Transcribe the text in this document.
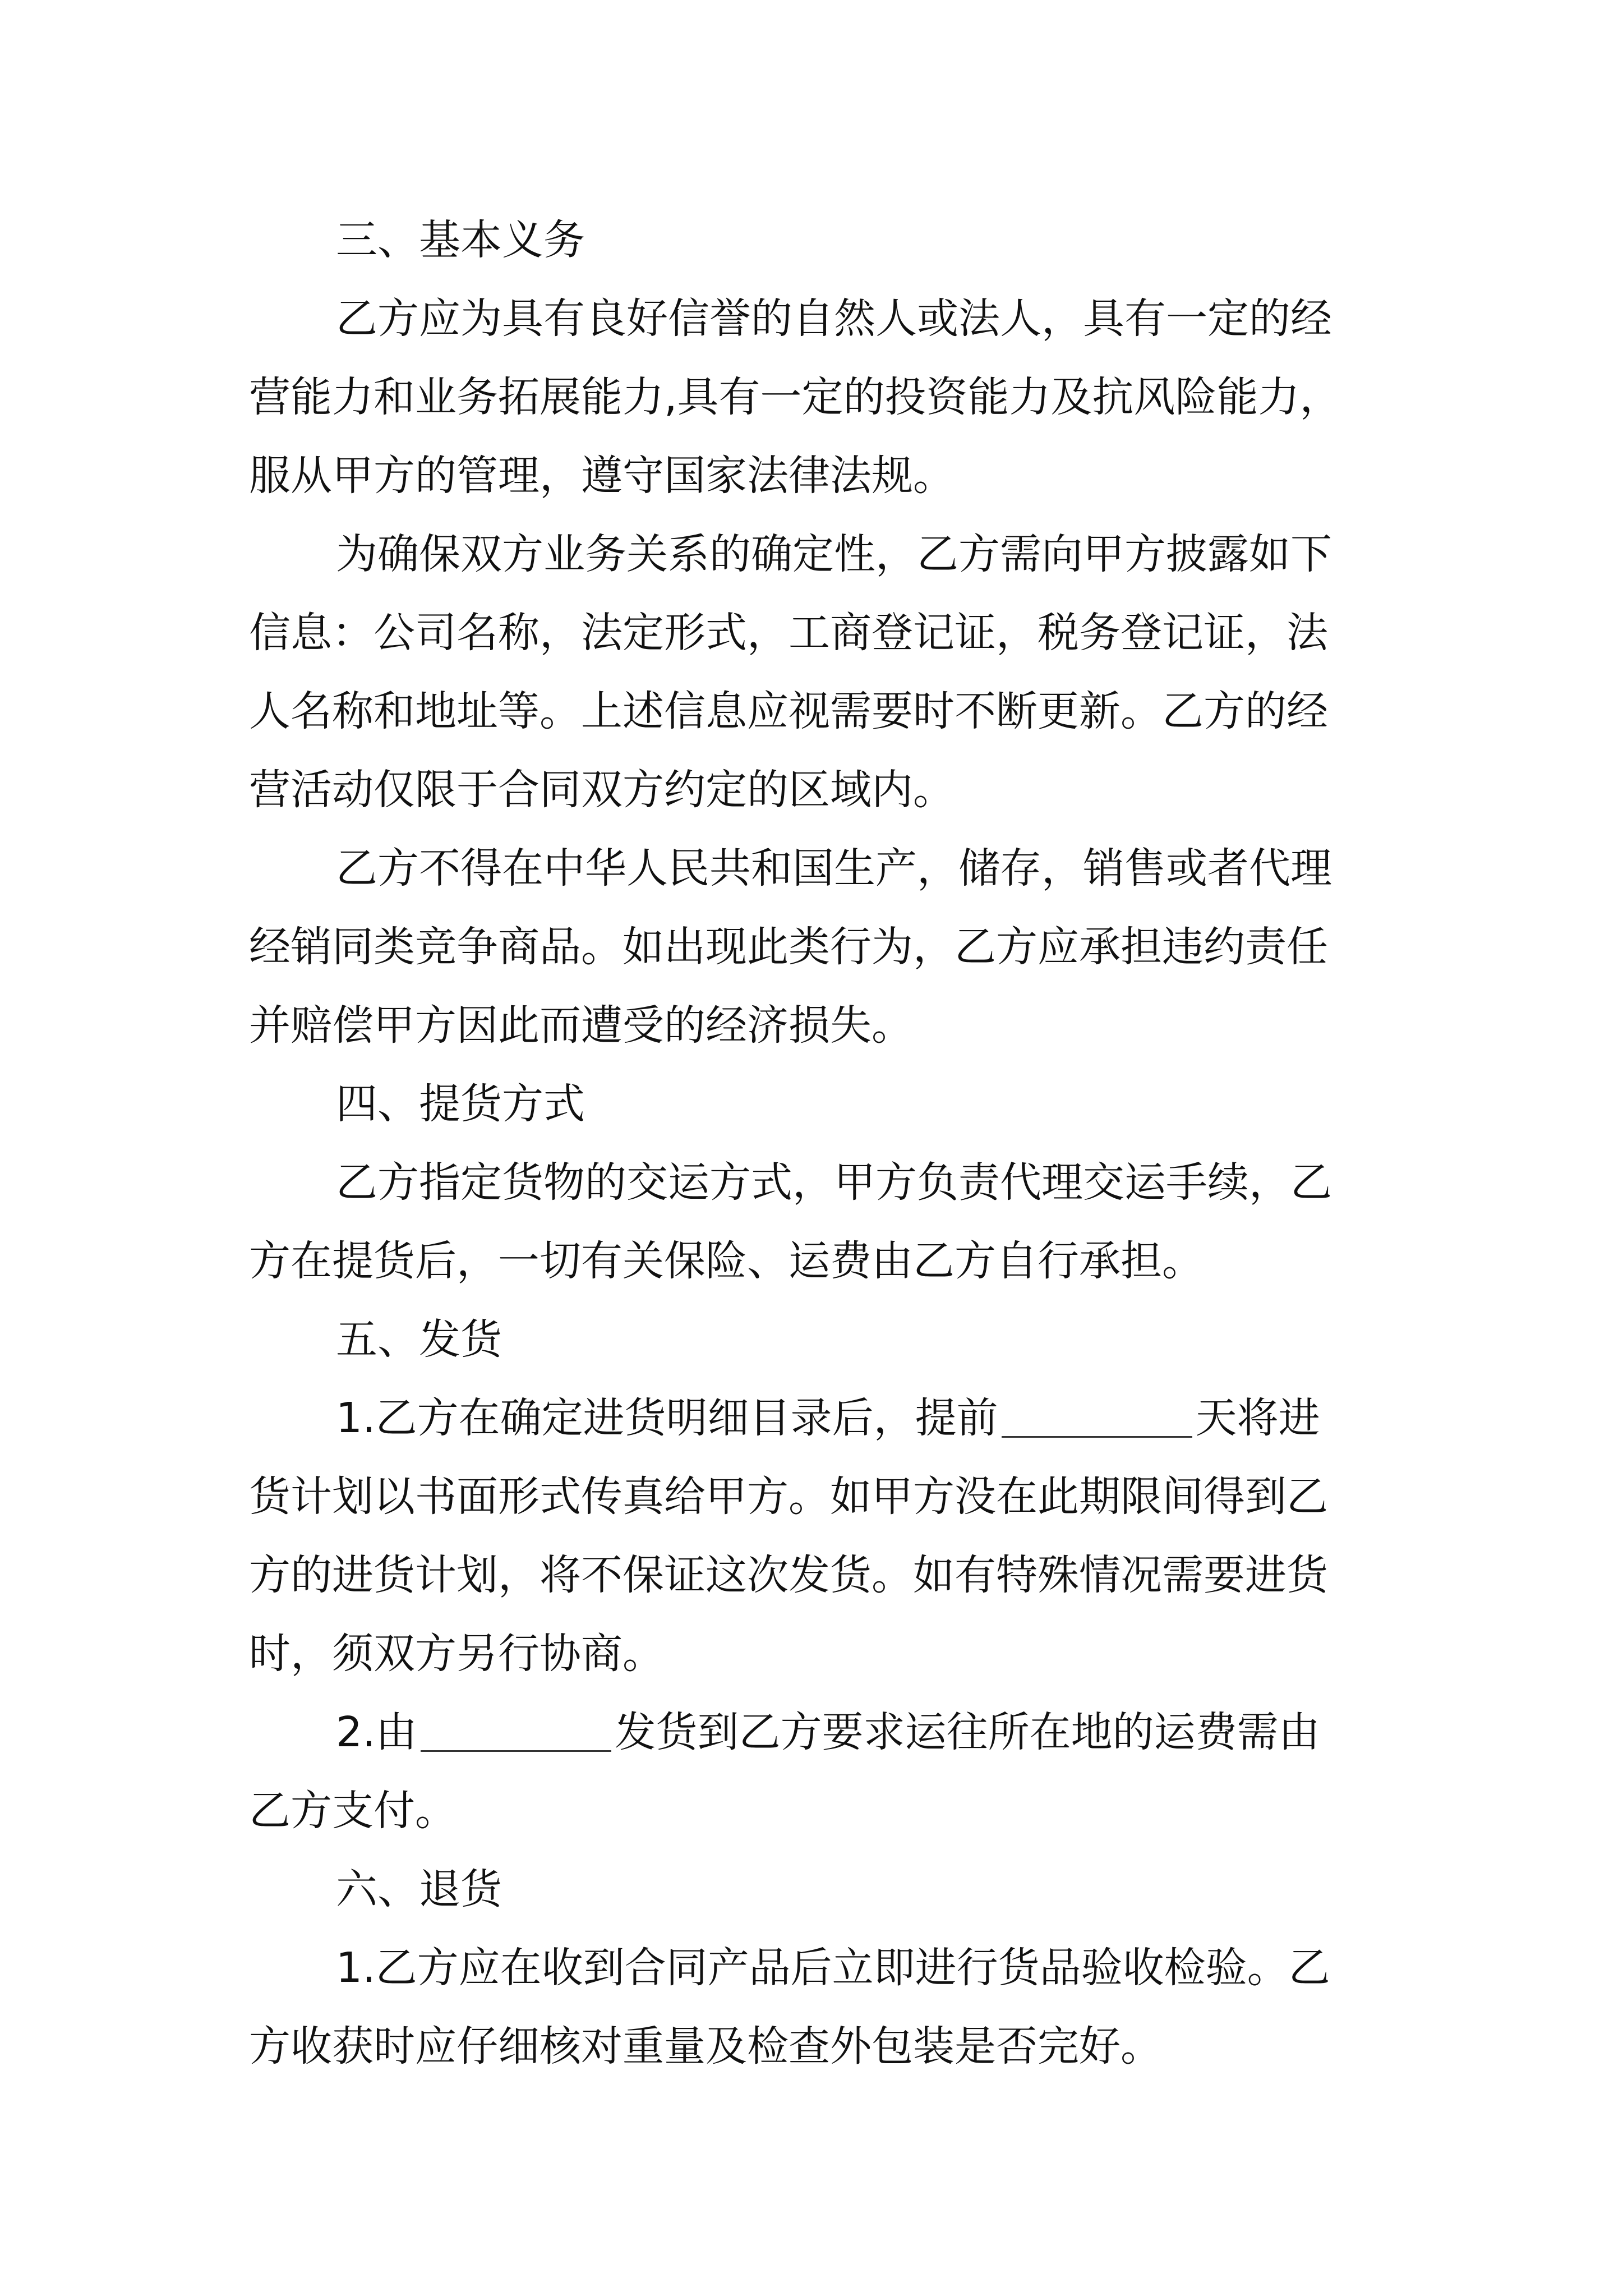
三、基本义务

乙方应为具有良好信誉的自然人或法人，具有一定的经

营能力和业务拓展能力,具有一定的投资能力及抗风险能力，

服从甲方的管理，遵守国家法律法规。

为确保双方业务关系的确定性，乙方需向甲方披露如下

信息：公司名称，法定形式，工商登记证，税务登记证，法

人名称和地址等。上述信息应视需要时不断更新。乙方的经

营活动仅限于合同双方约定的区域内。

乙方不得在中华人民共和国生产，储存，销售或者代理

经销同类竞争商品。如出现此类行为，乙方应承担违约责任

并赔偿甲方因此而遭受的经济损失。

四、提货方式

乙方指定货物的交运方式，甲方负责代理交运手续，乙

方在提货后，一切有关保险、运费由乙方自行承担。

五、发货

1.乙方在确定进货明细目录后，提前	天将进

货计划以书面形式传真给甲方。如甲方没在此期限间得到乙

方的进货计划，将不保证这次发货。如有特殊情况需要进货

时，须双方另行协商。

2.由	发货到乙方要求运往所在地的运费需由

乙方支付。

六、退货

1.乙方应在收到合同产品后立即进行货品验收检验。乙

方收获时应仔细核对重量及检查外包装是否完好。
